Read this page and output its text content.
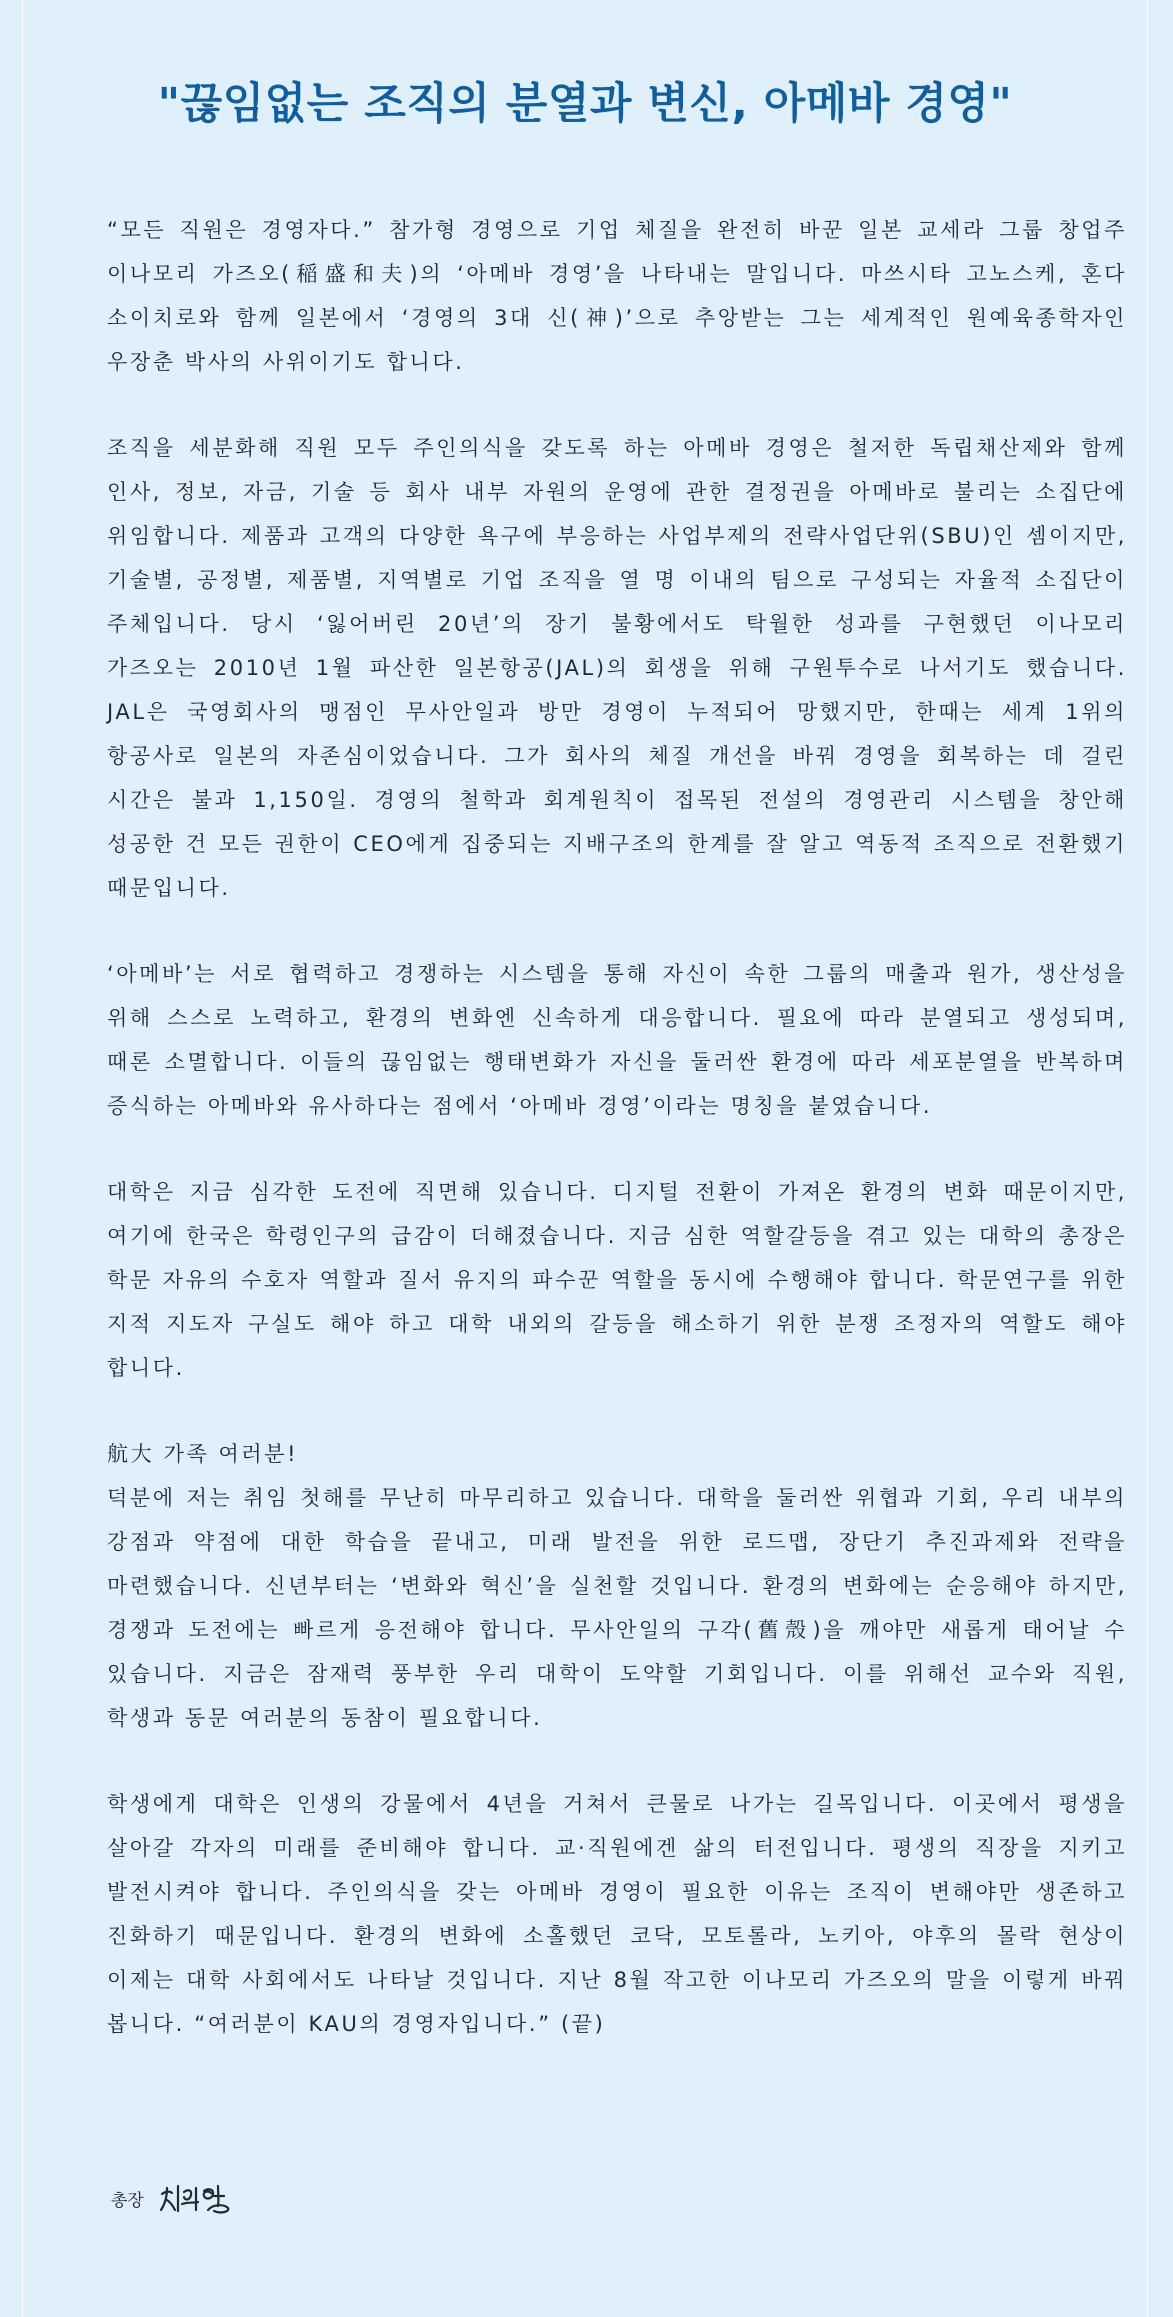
"끊임없는 조직의 분열과 변신, 아메바 경영"

“모든 직원은 경영자다.” 참가형 경영으로 기업 체질을 완전히 바꾼 일본 교세라 그룹 창업주 이나모리 가즈오(稲盛和夫)의 ‘아메바 경영’을 나타내는 말입니다. 마쓰시타 고노스케, 혼다 소이치로와 함께 일본에서 ‘경영의 3대 신(神)’으로 추앙받는 그는 세계적인 원예육종학자인 우장춘 박사의 사위이기도 합니다.

조직을 세분화해 직원 모두 주인의식을 갖도록 하는 아메바 경영은 철저한 독립채산제와 함께 인사, 정보, 자금, 기술 등 회사 내부 자원의 운영에 관한 결정권을 아메바로 불리는 소집단에 위임합니다. 제품과 고객의 다양한 욕구에 부응하는 사업부제의 전략사업단위(SBU)인 셈이지만, 기술별, 공정별, 제품별, 지역별로 기업 조직을 열 명 이내의 팀으로 구성되는 자율적 소집단이 주체입니다. 당시 ‘잃어버린 20년’의 장기 불황에서도 탁월한 성과를 구현했던 이나모리 가즈오는 2010년 1월 파산한 일본항공(JAL)의 회생을 위해 구원투수로 나서기도 했습니다. JAL은 국영회사의 맹점인 무사안일과 방만 경영이 누적되어 망했지만, 한때는 세계 1위의 항공사로 일본의 자존심이었습니다. 그가 회사의 체질 개선을 바꿔 경영을 회복하는 데 걸린 시간은 불과 1,150일. 경영의 철학과 회계원칙이 접목된 전설의 경영관리 시스템을 창안해 성공한 건 모든 권한이 CEO에게 집중되는 지배구조의 한계를 잘 알고 역동적 조직으로 전환했기 때문입니다.

‘아메바’는 서로 협력하고 경쟁하는 시스템을 통해 자신이 속한 그룹의 매출과 원가, 생산성을 위해 스스로 노력하고, 환경의 변화엔 신속하게 대응합니다. 필요에 따라 분열되고 생성되며, 때론 소멸합니다. 이들의 끊임없는 행태변화가 자신을 둘러싼 환경에 따라 세포분열을 반복하며 증식하는 아메바와 유사하다는 점에서 ‘아메바 경영’이라는 명칭을 붙였습니다.

대학은 지금 심각한 도전에 직면해 있습니다. 디지털 전환이 가져온 환경의 변화 때문이지만, 여기에 한국은 학령인구의 급감이 더해졌습니다. 지금 심한 역할갈등을 겪고 있는 대학의 총장은 학문 자유의 수호자 역할과 질서 유지의 파수꾼 역할을 동시에 수행해야 합니다. 학문연구를 위한 지적 지도자 구실도 해야 하고 대학 내외의 갈등을 해소하기 위한 분쟁 조정자의 역할도 해야 합니다.

航大 가족 여러분!

덕분에 저는 취임 첫해를 무난히 마무리하고 있습니다. 대학을 둘러싼 위협과 기회, 우리 내부의 강점과 약점에 대한 학습을 끝내고, 미래 발전을 위한 로드맵, 장단기 추진과제와 전략을 마련했습니다. 신년부터는 ‘변화와 혁신’을 실천할 것입니다. 환경의 변화에는 순응해야 하지만, 경쟁과 도전에는 빠르게 응전해야 합니다. 무사안일의 구각(舊殼)을 깨야만 새롭게 태어날 수 있습니다. 지금은 잠재력 풍부한 우리 대학이 도약할 기회입니다. 이를 위해선 교수와 직원, 학생과 동문 여러분의 동참이 필요합니다.

학생에게 대학은 인생의 강물에서 4년을 거쳐서 큰물로 나가는 길목입니다. 이곳에서 평생을 살아갈 각자의 미래를 준비해야 합니다. 교·직원에겐 삶의 터전입니다. 평생의 직장을 지키고 발전시켜야 합니다. 주인의식을 갖는 아메바 경영이 필요한 이유는 조직이 변해야만 생존하고 진화하기 때문입니다. 환경의 변화에 소홀했던 코닥, 모토롤라, 노키아, 야후의 몰락 현상이 이제는 대학 사회에서도 나타날 것입니다. 지난 8월 작고한 이나모리 가즈오의 말을 이렇게 바꿔 봅니다. “여러분이 KAU의 경영자입니다.” (끝)

총장
